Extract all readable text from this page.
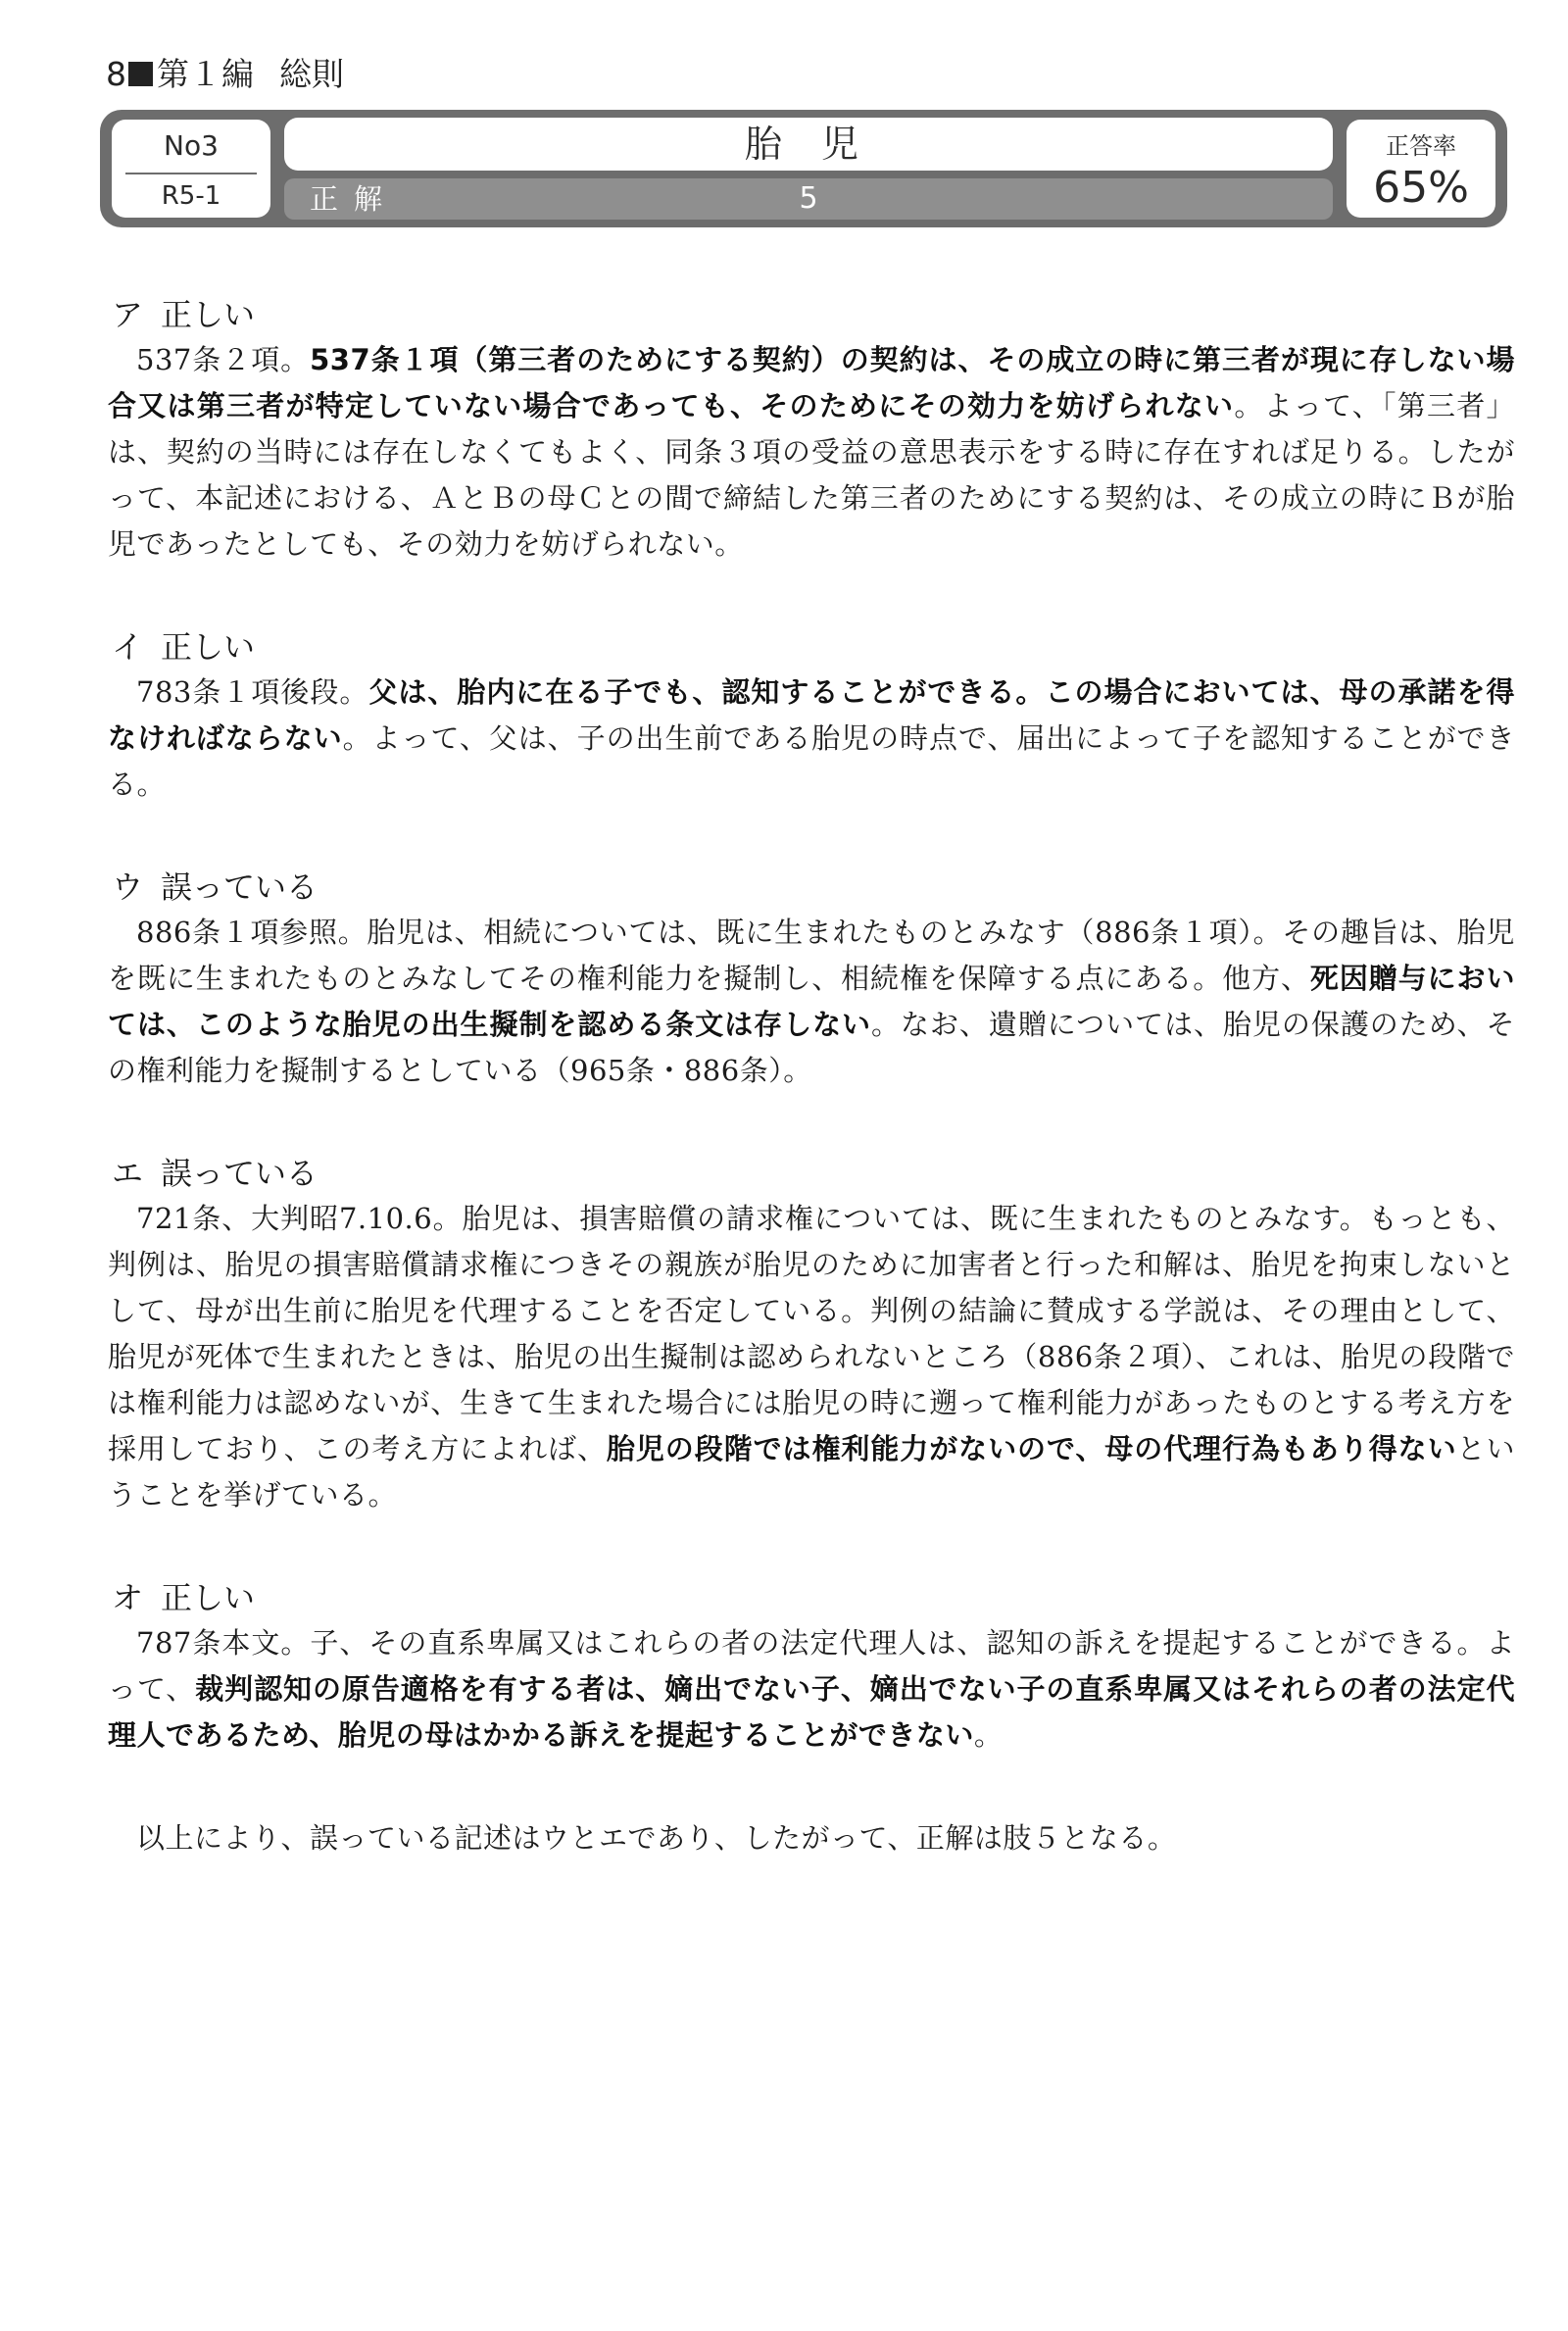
8 第１編 総則
No3
R5-1
胎 児
正解	5
正答率
65%
ア 正しい

537条２項。537条１項（第三者のためにする契約）の契約は、その成立の時に第三者が現に存しない場合又は第三者が特定していない場合であっても、そのためにその効力を妨げられない。よって、「第三者」は、契約の当時には存在しなくてもよく、同条３項の受益の意思表示をする時に存在すれば足りる。したがって、本記述における、ＡとＢの母Ｃとの間で締結した第三者のためにする契約は、その成立の時にＢが胎児であったとしても、その効力を妨げられない。

イ 正しい

783条１項後段。父は、胎内に在る子でも、認知することができる。この場合においては、母の承諾を得なければならない。よって、父は、子の出生前である胎児の時点で、届出によって子を認知することができる。

ウ 誤っている

886条１項参照。胎児は、相続については、既に生まれたものとみなす（886条１項）。その趣旨は、胎児を既に生まれたものとみなしてその権利能力を擬制し、相続権を保障する点にある。他方、死因贈与においては、このような胎児の出生擬制を認める条文は存しない。なお、遺贈については、胎児の保護のため、その権利能力を擬制するとしている（965条・886条）。

エ 誤っている

721条、大判昭7.10.6。胎児は、損害賠償の請求権については、既に生まれたものとみなす。もっとも、判例は、胎児の損害賠償請求権につきその親族が胎児のために加害者と行った和解は、胎児を拘束しないとして、母が出生前に胎児を代理することを否定している。判例の結論に賛成する学説は、その理由として、胎児が死体で生まれたときは、胎児の出生擬制は認められないところ（886条２項）、これは、胎児の段階では権利能力は認めないが、生きて生まれた場合には胎児の時に遡って権利能力があったものとする考え方を採用しており、この考え方によれば、胎児の段階では権利能力がないので、母の代理行為もあり得ないということを挙げている。

オ 正しい

787条本文。子、その直系卑属又はこれらの者の法定代理人は、認知の訴えを提起することができる。よって、裁判認知の原告適格を有する者は、嫡出でない子、嫡出でない子の直系卑属又はそれらの者の法定代理人であるため、胎児の母はかかる訴えを提起することができない。

以上により、誤っている記述はウとエであり、したがって、正解は肢５となる。
